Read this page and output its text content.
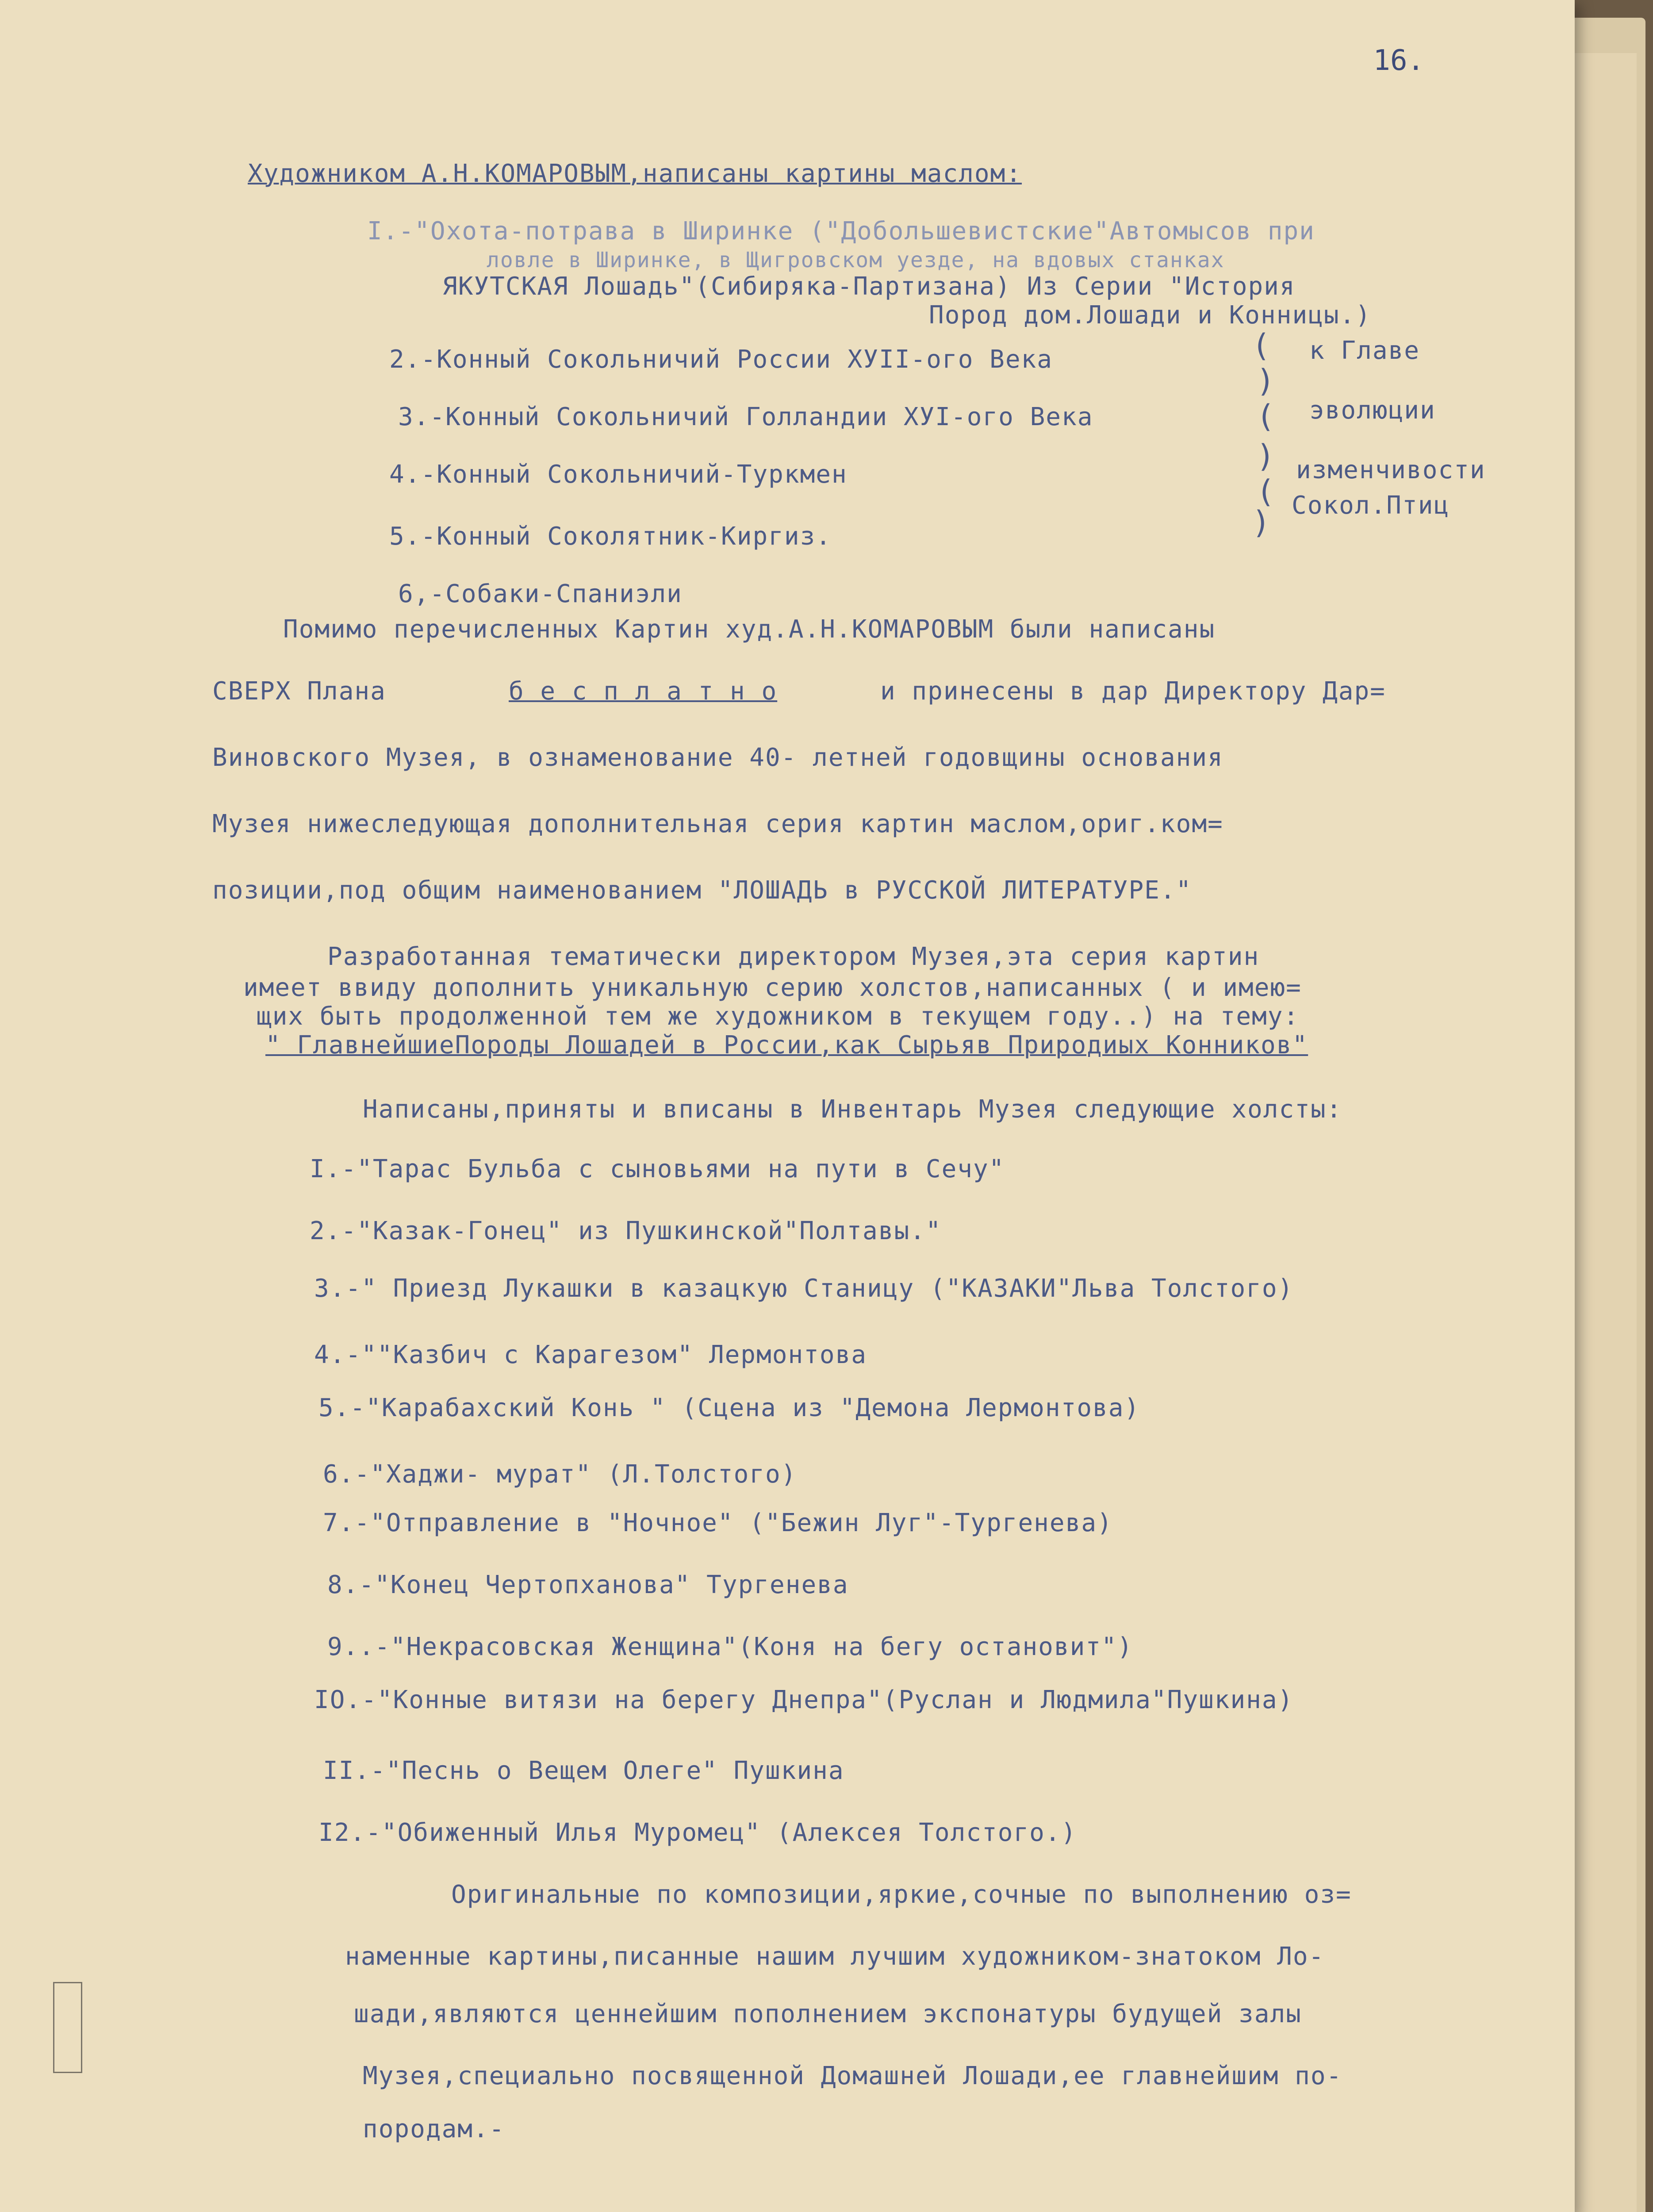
16.
Художником А.Н.КОМАРОВЫМ,написаны картины маслом:
I.-"Охота-потрава в Ширинке ("Добольшевистские"Автомысов при
ловле в Ширинке, в Щигровском уезде, на вдовых станках
ЯКУТСКАЯ Лошадь"(Сибиряка-Партизана) Из Серии "История
Пород дом.Лошади и Конницы.)
2.-Конный Сокольничий России ХУII-ого Века
3.-Конный Сокольничий Голландии ХУI-ого Века
4.-Конный Сокольничий-Туркмен
5.-Конный Соколятник-Киргиз.
6,-Собаки-Спаниэли
(
)
(
)
(
)
к Главе
эволюции
изменчивости
Сокол.Птиц
Помимо перечисленных Картин худ.А.Н.КОМАРОВЫМ были написаны
СВЕРХ Плана	б е с п л а т н о	и принесены в дар Директору Дар=
Виновского Музея, в ознаменование 40- летней годовщины основания
Музея нижеследующая дополнительная серия картин маслом,ориг.ком=
позиции,под общим наименованием "ЛОШАДЬ в РУССКОЙ ЛИТЕРАТУРЕ."
Разработанная тематически директором Музея,эта серия картин
имеет ввиду дополнить уникальную серию холстов,написанных ( и имею=
щих быть продолженной тем же художником в текущем году..) на тему:
" ГлавнейшиеПороды Лошадей в России,как Сырьяв Природиых Конников"
Написаны,приняты и вписаны в Инвентарь Музея следующие холсты:
I.-"Тарас Бульба с сыновьями на пути в Сечу"
2.-"Казак-Гонец" из Пушкинской"Полтавы."
3.-" Приезд Лукашки в казацкую Станицу ("КАЗАКИ"Льва Толстого)
4.-""Казбич с Карагезом" Лермонтова
5.-"Карабахский Конь " (Сцена из "Демона Лермонтова)
6.-"Хаджи- мурат" (Л.Толстого)
7.-"Отправление в "Ночное" ("Бежин Луг"-Тургенева)
8.-"Конец Чертопханова" Тургенева
9..-"Некрасовская Женщина"(Коня на бегу остановит")
IO.-"Конные витязи на берегу Днепра"(Руслан и Людмила"Пушкина)
II.-"Песнь о Вещем Олеге" Пушкина
I2.-"Обиженный Илья Муромец" (Алексея Толстого.)
Оригинальные по композиции,яркие,сочные по выполнению оз=
наменные картины,писанные нашим лучшим художником-знатоком Ло-
шади,являются ценнейшим пополнением экспонатуры будущей залы
Музея,специально посвященной Домашней Лошади,ее главнейшим по-
породам.-
